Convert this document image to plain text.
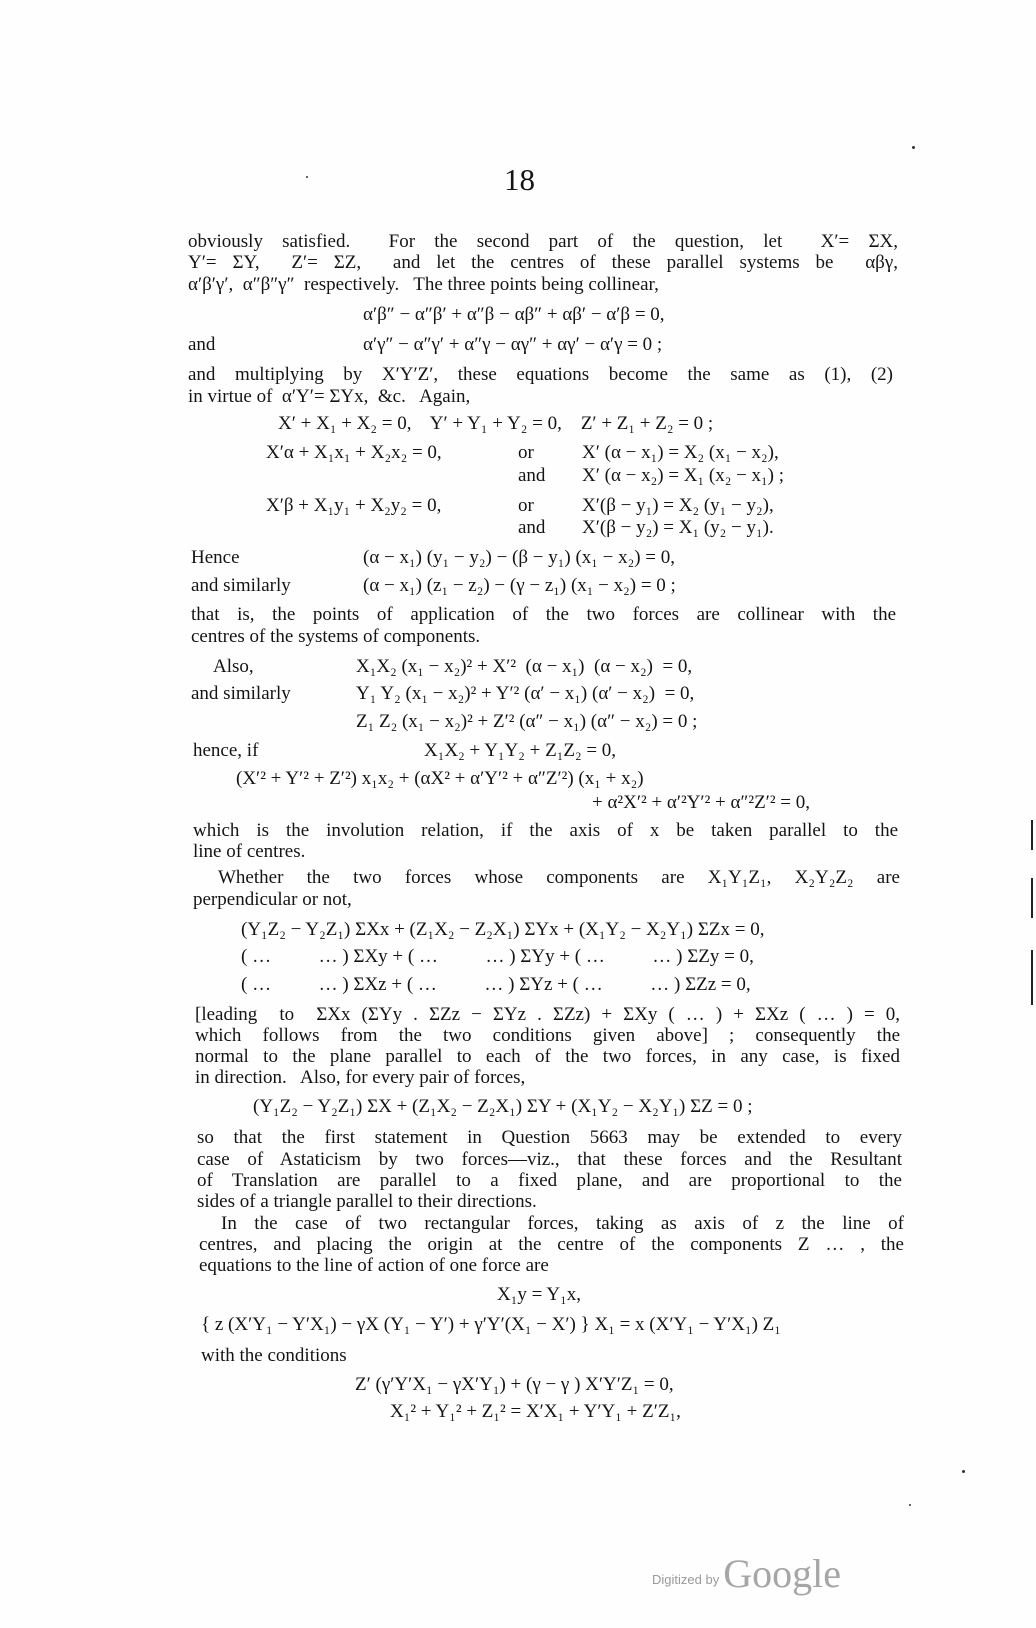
18
obviously satisfied.  For the second part of the question, let  X′= ΣX,
Y′= ΣY,  Z′= ΣZ,  and let the centres of these parallel systems be  αβγ,
α′β′γ′,  α″β″γ″  respectively.   The three points being collinear,
α′β″ − α″β′ + α″β − αβ″ + αβ′ − α′β = 0,
and	α′γ″ − α″γ′ + α″γ − αγ″ + αγ′ − α′γ = 0 ;
and multiplying by X′Y′Z′, these equations become the same as (1), (2)
in virtue of  α′Y′= ΣYx,  &c.   Again,
X′ + X₁ + X₂ = 0,    Y′ + Y₁ + Y₂ = 0,    Z′ + Z₁ + Z₂ = 0 ;
X′α + X₁x₁ + X₂x₂ = 0,	or	X′ (α − x₁) = X₂ (x₁ − x₂),
and X′ (α − x₂) = X₁ (x₂ − x₁) ;
X′β + X₁y₁ + X₂y₂ = 0,	or	X′(β − y₁) = X₂ (y₁ − y₂),
and X′(β − y₂) = X₁ (y₂ − y₁).
Hence	(α − x₁) (y₁ − y₂) − (β − y₁) (x₁ − x₂) = 0,
and similarly	(α − x₁) (z₁ − z₂) − (γ − z₁) (x₁ − x₂) = 0 ;
that is, the points of application of the two forces are collinear with the
centres of the systems of components.
Also,	X₁X₂ (x₁ − x₂)² + X′²  (α − x₁)  (α − x₂)  = 0,
and similarly	Y₁ Y₂ (x₁ − x₂)² + Y′² (α′ − x₁) (α′ − x₂)  = 0,
Z₁ Z₂ (x₁ − x₂)² + Z′² (α″ − x₁) (α″ − x₂) = 0 ;
hence, if	X₁X₂ + Y₁Y₂ + Z₁Z₂ = 0,
(X′² + Y′² + Z′²) x₁x₂ + (αX² + α′Y′² + α″Z′²) (x₁ + x₂)
+ α²X′² + α′²Y′² + α″²Z′² = 0,
which is the involution relation, if the axis of x be taken parallel to the
line of centres.
Whether the two forces whose components are X₁Y₁Z₁, X₂Y₂Z₂ are
perpendicular or not,
(Y₁Z₂ − Y₂Z₁) ΣXx + (Z₁X₂ − Z₂X₁) ΣYx + (X₁Y₂ − X₂Y₁) ΣZx = 0,
( …          … ) ΣXy + ( …          … ) ΣYy + ( …          … ) ΣZy = 0,
( …          … ) ΣXz + ( …          … ) ΣYz + ( …          … ) ΣZz = 0,
[leading  to  ΣXx (ΣYy . ΣZz − ΣYz . ΣZz) + ΣXy ( … ) + ΣXz ( … ) = 0,
which follows from the two conditions given above] ; consequently the
normal to the plane parallel to each of the two forces, in any case, is fixed
in direction.   Also, for every pair of forces,
(Y₁Z₂ − Y₂Z₁) ΣX + (Z₁X₂ − Z₂X₁) ΣY + (X₁Y₂ − X₂Y₁) ΣZ = 0 ;
so that the first statement in Question 5663 may be extended to every
case of Astaticism by two forces—viz., that these forces and the Resultant
of Translation are parallel to a fixed plane, and are proportional to the
sides of a triangle parallel to their directions.
In the case of two rectangular forces, taking as axis of z the line of
centres, and placing the origin at the centre of the components Z … , the
equations to the line of action of one force are
X₁y = Y₁x,
{ z (X′Y₁ − Y′X₁) − γX (Y₁ − Y′) + γ′Y′(X₁ − X′) } X₁ = x (X′Y₁ − Y′X₁) Z₁
with the conditions
Z′ (γ′Y′X₁ − γX′Y₁) + (γ − γ ) X′Y′Z₁ = 0,
X₁² + Y₁² + Z₁² = X′X₁ + Y′Y₁ + Z′Z₁,
Digitized by Google
